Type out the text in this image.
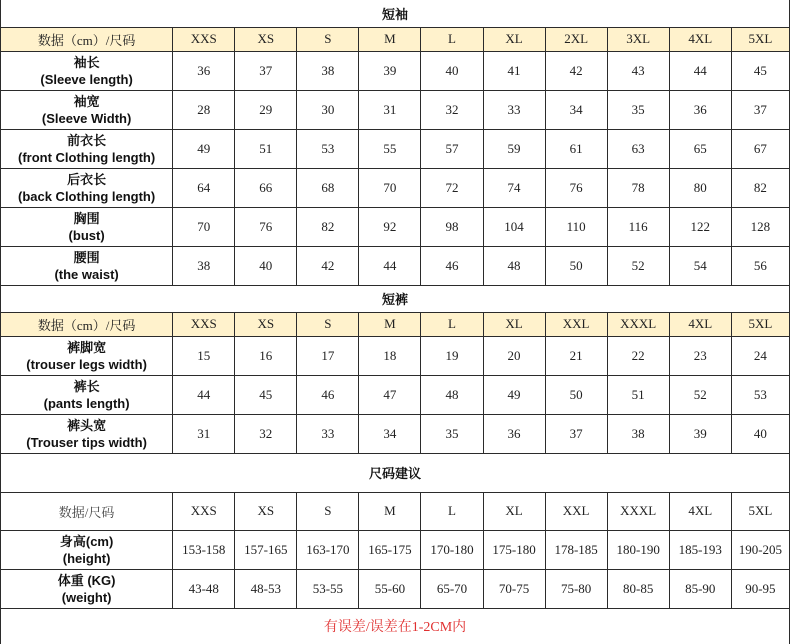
短袖										
数据（cm）/尺码	XXS	XS	S	M	L	XL	2XL	3XL	4XL	5XL

袖长
(Sleeve length)	36	37	38	39	40	41	42	43	44	45

袖宽
(Sleeve Width)	28	29	30	31	32	33	34	35	36	37

前衣长
(front Clothing length)	49	51	53	55	57	59	61	63	65	67

后衣长
(back Clothing length)	64	66	68	70	72	74	76	78	80	82

胸围
(bust)	70	76	82	92	98	104	110	116	122	128

腰围
(the waist)	38	40	42	44	46	48	50	52	54	56
短裤										
数据（cm）/尺码	XXS	XS	S	M	L	XL	XXL	XXXL	4XL	5XL

裤脚宽
(trouser legs width)	15	16	17	18	19	20	21	22	23	24

裤长
(pants length)	44	45	46	47	48	49	50	51	52	53

裤头宽
(Trouser tips width)	31	32	33	34	35	36	37	38	39	40
尺码建议										
数据/尺码	XXS	XS	S	M	L	XL	XXL	XXXL	4XL	5XL

身高(cm)
(height)	153-158	157-165	163-170	165-175	170-180	175-180	178-185	180-190	185-193	190-205

体重 (KG)
(weight)	43-48	48-53	53-55	55-60	65-70	70-75	75-80	80-85	85-90	90-95
有误差/误差在1-2CM内										
